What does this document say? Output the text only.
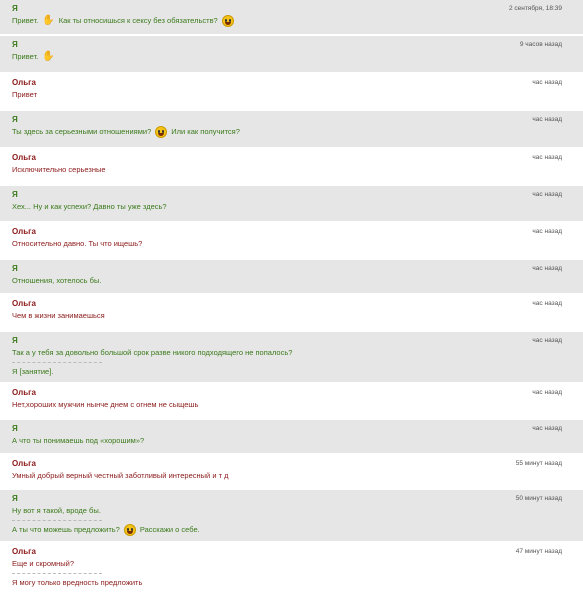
Я	2 сентября, 18:39
Привет. ✋ Как ты относишься к сексу без обязательств?
Я	9 часов назад
Привет. ✋
Ольга	час назад
Привет
Я	час назад
Ты здесь за серьезными отношениями?	Или как получится?
Ольга	час назад
Исключительно серьезные
Я	час назад
Хех... Ну и как успехи? Давно ты уже здесь?
Ольга	час назад
Относительно давно. Ты что ищешь?
Я	час назад
Отношения, хотелось бы.
Ольга	час назад
Чем в жизни занимаешься
Я	час назад
Так а у тебя за довольно большой срок разве никого подходящего не попалось?
Я [занятие].
Ольга	час назад
Нет,хороших мужчин нынче днем с огнем не сыщешь
Я	час назад
А что ты понимаешь под «хорошим»?
Ольга	55 минут назад
Умный добрый верный честный заботливый интересный и т д
Я	50 минут назад
Ну вот я такой, вроде бы.
А ты что можешь предложить?	Расскажи о себе.
Ольга	47 минут назад
Еще и скромный?
Я могу только вредность предложить
